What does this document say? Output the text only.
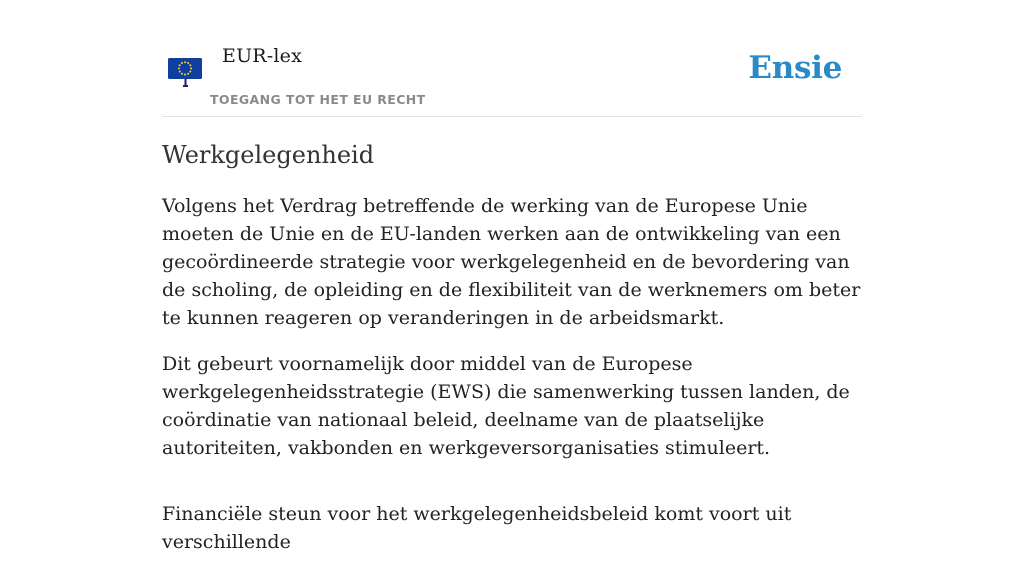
EUR-lex
TOEGANG TOT HET EU RECHT
Ensie
Werkgelegenheid

Volgens het Verdrag betreffende de werking van de Europese Unie moeten de Unie en de EU-landen werken aan de ontwikkeling van een gecoördineerde strategie voor werkgelegenheid en de bevordering van de scholing, de opleiding en de flexibiliteit van de werknemers om beter te kunnen reageren op veranderingen in de arbeidsmarkt.

Dit gebeurt voornamelijk door middel van de Europese werkgelegenheidsstrategie (EWS) die samenwerking tussen landen, de coördinatie van nationaal beleid, deelname van de plaatselijke autoriteiten, vakbonden en werkgeversorganisaties stimuleert.

Financiële steun voor het werkgelegenheidsbeleid komt voort uit verschillende
